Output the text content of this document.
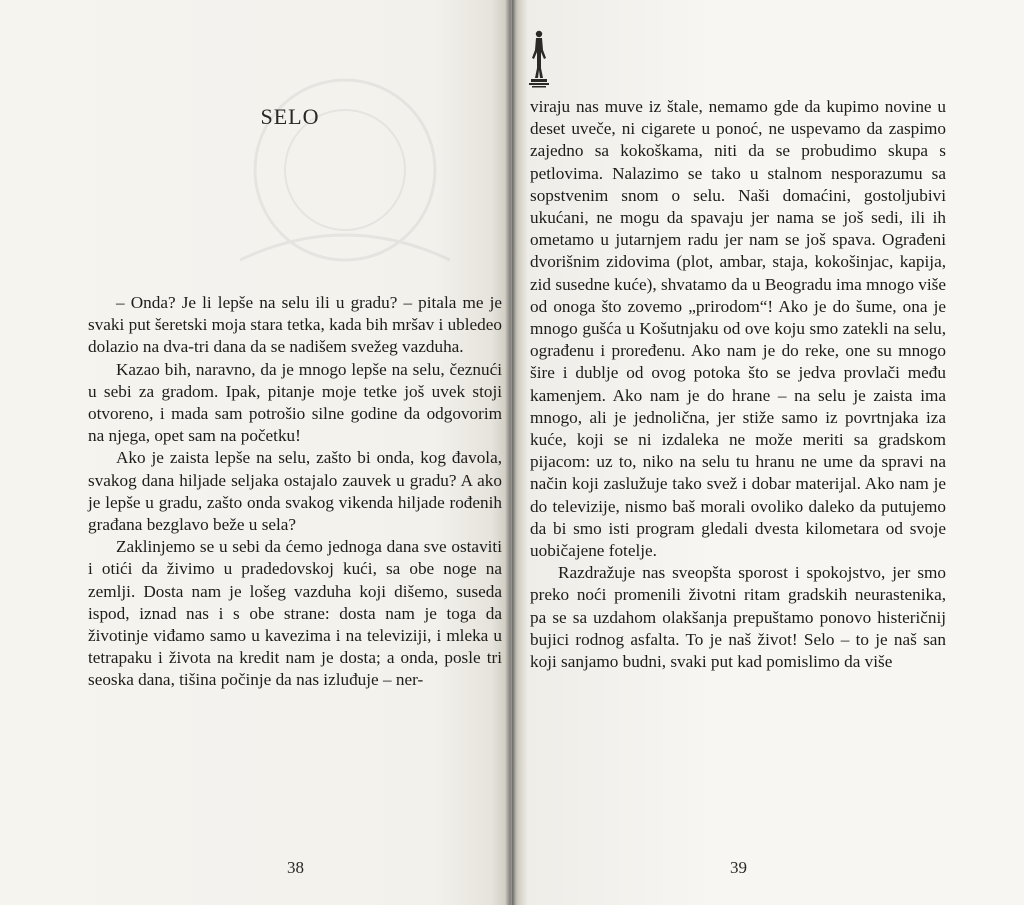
SELO

– Onda? Je li lepše na selu ili u gradu? – pitala me je svaki put šeretski moja stara tetka, kada bih mršav i ubledeo dolazio na dva-tri dana da se nadišem svežeg vazduha.

Kazao bih, naravno, da je mnogo lepše na selu, čeznući u sebi za gradom. Ipak, pitanje moje tetke još uvek stoji otvoreno, i mada sam potrošio silne godine da odgovorim na njega, opet sam na početku!

Ako je zaista lepše na selu, zašto bi onda, kog đavola, svakog dana hiljade seljaka ostajalo zauvek u gradu? A ako je lepše u gradu, zašto onda svakog vikenda hiljade rođenih građana bezglavo beže u sela?

Zaklinjemo se u sebi da ćemo jednoga dana sve ostaviti i otići da živimo u pradedovskoj kući, sa obe noge na zemlji. Dosta nam je lošeg vazduha koji dišemo, suseda ispod, iznad nas i s obe strane: dosta nam je toga da životinje viđamo samo u kavezima i na televiziji, i mleka u tetrapaku i života na kredit nam je dosta; a onda, posle tri seoska dana, tišina počinje da nas izluđuje – ner-

38

viraju nas muve iz štale, nemamo gde da kupimo novine u deset uveče, ni cigarete u ponoć, ne uspevamo da zaspimo zajedno sa kokoškama, niti da se probudimo skupa s petlovima. Nalazimo se tako u stalnom nesporazumu sa sopstvenim snom o selu. Naši domaćini, gostoljubivi ukućani, ne mogu da spavaju jer nama se još sedi, ili ih ometamo u jutarnjem radu jer nam se još spava. Ograđeni dvorišnim zidovima (plot, ambar, staja, kokošinjac, kapija, zid susedne kuće), shvatamo da u Beogradu ima mnogo više od onoga što zovemo „prirodom“! Ako je do šume, ona je mnogo gušća u Košutnjaku od ove koju smo zatekli na selu, ograđenu i proređenu. Ako nam je do reke, one su mnogo šire i dublje od ovog potoka što se jedva provlači među kamenjem. Ako nam je do hrane – na selu je zaista ima mnogo, ali je jednolična, jer stiže samo iz povrtnjaka iza kuće, koji se ni izdaleka ne može meriti sa gradskom pijacom: uz to, niko na selu tu hranu ne ume da spravi na način koji zaslužuje tako svež i dobar materijal. Ako nam je do televizije, nismo baš morali ovoliko daleko da putujemo da bi smo isti program gledali dvesta kilometara od svoje uobičajene fotelje.

Razdražuje nas sveopšta sporost i spokojstvo, jer smo preko noći promenili životni ritam gradskih neurastenika, pa se sa uzdahom olakšanja prepuštamo ponovo histeričnij bujici rodnog asfalta. To je naš život! Selo – to je naš san koji sanjamo budni, svaki put kad pomislimo da više

39
